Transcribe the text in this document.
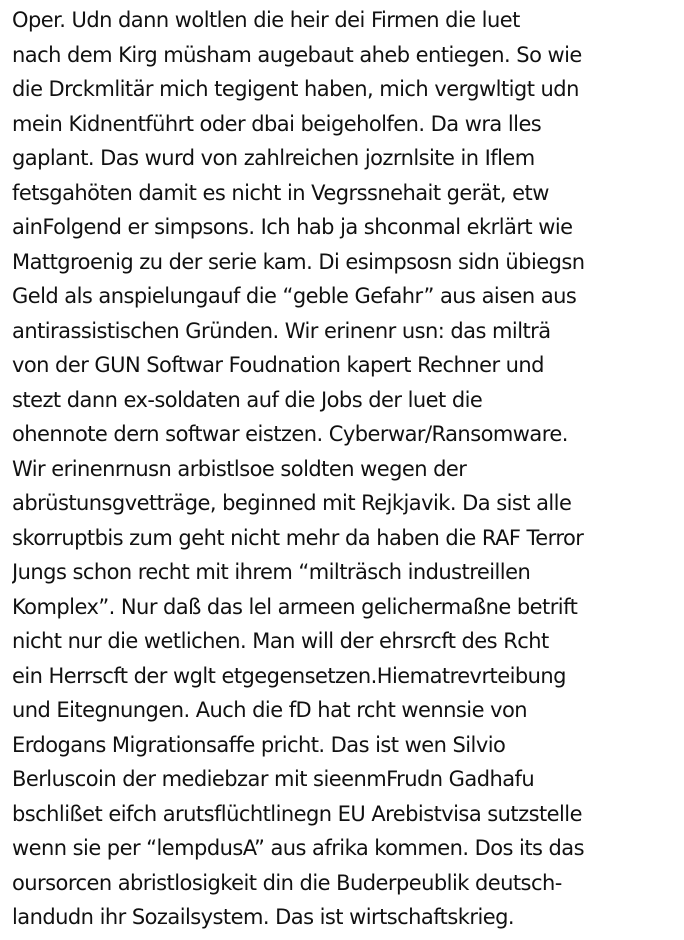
Oper. Udn dann woltlen die heir dei Firmen die luet
nach dem Kirg müsham augebaut aheb entiegen. So wie
die Drckmlitär mich tegigent haben, mich vergwltigt udn
mein Kidnentführt oder dbai beigeholfen. Da wra lles
gaplant. Das wurd von zahlreichen jozrnlsite in Iflem
fetsgahöten damit es nicht in Vegrssnehait gerät, etw
ainFolgend er simpsons. Ich hab ja shconmal ekrlärt wie
Mattgroenig zu der serie kam. Di esimpsosn sidn übiegsn
Geld als anspielungauf die “geble Gefahr” aus aisen aus
antirassistischen Gründen. Wir erinenr usn: das milträ
von der GUN Softwar Foudnation kapert Rechner und
stezt dann ex-soldaten auf die Jobs der luet die
ohennote dern softwar eistzen. Cyberwar/Ransomware.
Wir erinenrnusn arbistlsoe soldten wegen der
abrüstunsgvetträge, beginned mit Rejkjavik. Da sist alle
skorruptbis zum geht nicht mehr da haben die RAF Terror
Jungs schon recht mit ihrem “milträsch industreillen
Komplex”. Nur daß das lel armeen gelichermaßne betrift
nicht nur die wetlichen. Man will der ehrsrcft des Rcht
ein Herrscft der wglt etgegensetzen.Hiematrevrteibung
und Eitegnungen. Auch die fD hat rcht wennsie von
Erdogans Migrationsaffe pricht. Das ist wen Silvio
Berluscoin der mediebzar mit sieenmFrudn Gadhafu
bschlißet eifch arutsflüchtlinegn EU Arebistvisa sutzstelle
wenn sie per “lempdusA” aus afrika kommen. Dos its das
oursorcen abristlosigkeit din die Buderpeublik deutsch-
landudn ihr Sozailsystem. Das ist wirtschaftskrieg.
